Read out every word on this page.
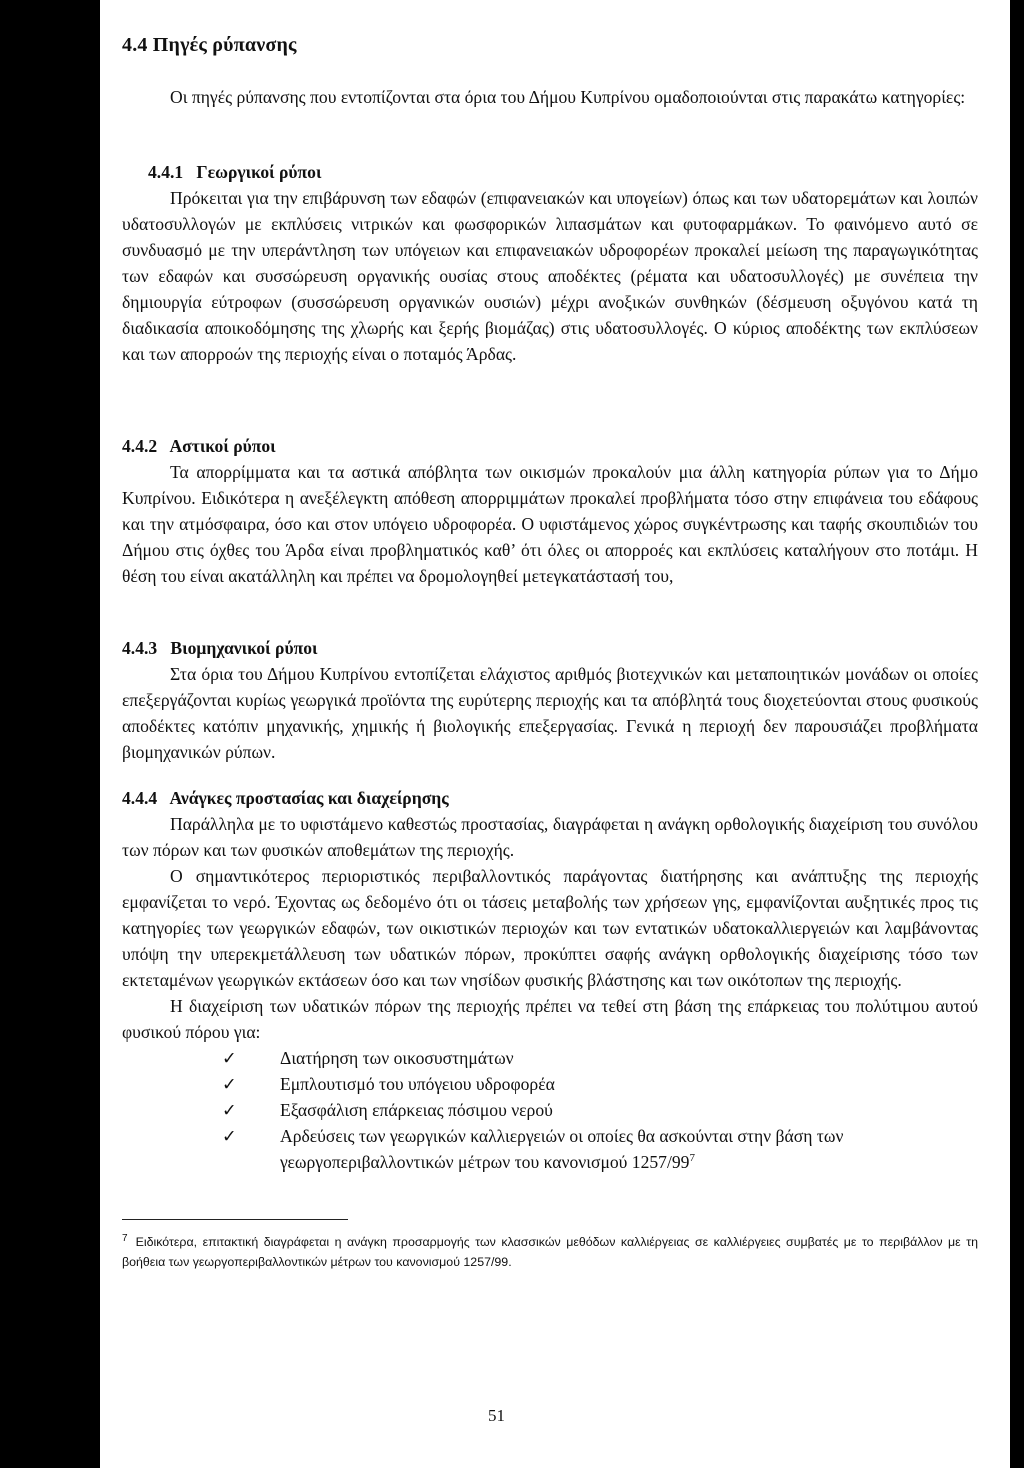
4.4 Πηγές ρύπανσης

Οι πηγές ρύπανσης που εντοπίζονται στα όρια του Δήμου Κυπρίνου ομαδοποιούνται στις παρακάτω κατηγορίες:

4.4.1 Γεωργικοί ρύποι

Πρόκειται για την επιβάρυνση των εδαφών (επιφανειακών και υπογείων) όπως και των υδατορεμάτων και λοιπών υδατοσυλλογών με εκπλύσεις νιτρικών και φωσφορικών λιπασμάτων και φυτοφαρμάκων. Το φαινόμενο αυτό σε συνδυασμό με την υπεράντληση των υπόγειων και επιφανειακών υδροφορέων προκαλεί μείωση της παραγωγικότητας των εδαφών και συσσώρευση οργανικής ουσίας στους αποδέκτες (ρέματα και υδατοσυλλογές) με συνέπεια την δημιουργία εύτροφων (συσσώρευση οργανικών ουσιών) μέχρι ανοξικών συνθηκών (δέσμευση οξυγόνου κατά τη διαδικασία αποικοδόμησης της χλωρής και ξερής βιομάζας) στις υδατοσυλλογές. Ο κύριος αποδέκτης των εκπλύσεων και των απορροών της περιοχής είναι ο ποταμός Άρδας.

4.4.2 Αστικοί ρύποι

Τα απορρίμματα και τα αστικά απόβλητα των οικισμών προκαλούν μια άλλη κατηγορία ρύπων για το Δήμο Κυπρίνου. Ειδικότερα η ανεξέλεγκτη απόθεση απορριμμάτων προκαλεί προβλήματα τόσο στην επιφάνεια του εδάφους και την ατμόσφαιρα, όσο και στον υπόγειο υδροφορέα. Ο υφιστάμενος χώρος συγκέντρωσης και ταφής σκουπιδιών του Δήμου στις όχθες του Άρδα είναι προβληματικός καθ’ ότι όλες οι απορροές και εκπλύσεις καταλήγουν στο ποτάμι. Η θέση του είναι ακατάλληλη και πρέπει να δρομολογηθεί μετεγκατάστασή του,

4.4.3 Βιομηχανικοί ρύποι

Στα όρια του Δήμου Κυπρίνου εντοπίζεται ελάχιστος αριθμός βιοτεχνικών και μεταποιητικών μονάδων οι οποίες επεξεργάζονται κυρίως γεωργικά προϊόντα της ευρύτερης περιοχής και τα απόβλητά τους διοχετεύονται στους φυσικούς αποδέκτες κατόπιν μηχανικής, χημικής ή βιολογικής επεξεργασίας. Γενικά η περιοχή δεν παρουσιάζει προβλήματα βιομηχανικών ρύπων.

4.4.4 Ανάγκες προστασίας και διαχείρησης

Παράλληλα με το υφιστάμενο καθεστώς προστασίας, διαγράφεται η ανάγκη ορθολογικής διαχείριση του συνόλου των πόρων και των φυσικών αποθεμάτων της περιοχής.

Ο σημαντικότερος περιοριστικός περιβαλλοντικός παράγοντας διατήρησης και ανάπτυξης της περιοχής εμφανίζεται το νερό. Έχοντας ως δεδομένο ότι οι τάσεις μεταβολής των χρήσεων γης, εμφανίζονται αυξητικές προς τις κατηγορίες των γεωργικών εδαφών, των οικιστικών περιοχών και των εντατικών υδατοκαλλιεργειών και λαμβάνοντας υπόψη την υπερεκμετάλλευση των υδατικών πόρων, προκύπτει σαφής ανάγκη ορθολογικής διαχείρισης τόσο των εκτεταμένων γεωργικών εκτάσεων όσο και των νησίδων φυσικής βλάστησης και των οικότοπων της περιοχής.

Η διαχείριση των υδατικών πόρων της περιοχής πρέπει να τεθεί στη βάση της επάρκειας του πολύτιμου αυτού φυσικού πόρου για:

✓	Διατήρηση των οικοσυστημάτων
✓	Εμπλουτισμό του υπόγειου υδροφορέα
✓	Εξασφάλιση επάρκειας πόσιμου νερού
✓	Αρδεύσεις των γεωργικών καλλιεργειών οι οποίες θα ασκούνται στην βάση των γεωργοπεριβαλλοντικών μέτρων του κανονισμού $1257/99^7$

$^7$ Ειδικότερα, επιτακτική διαγράφεται η ανάγκη προσαρμογής των κλασσικών μεθόδων καλλιέργειας σε καλλιέργειες συμβατές με το περιβάλλον με τη βοήθεια των γεωργοπεριβαλλοντικών μέτρων του κανονισμού 1257/99.

51
